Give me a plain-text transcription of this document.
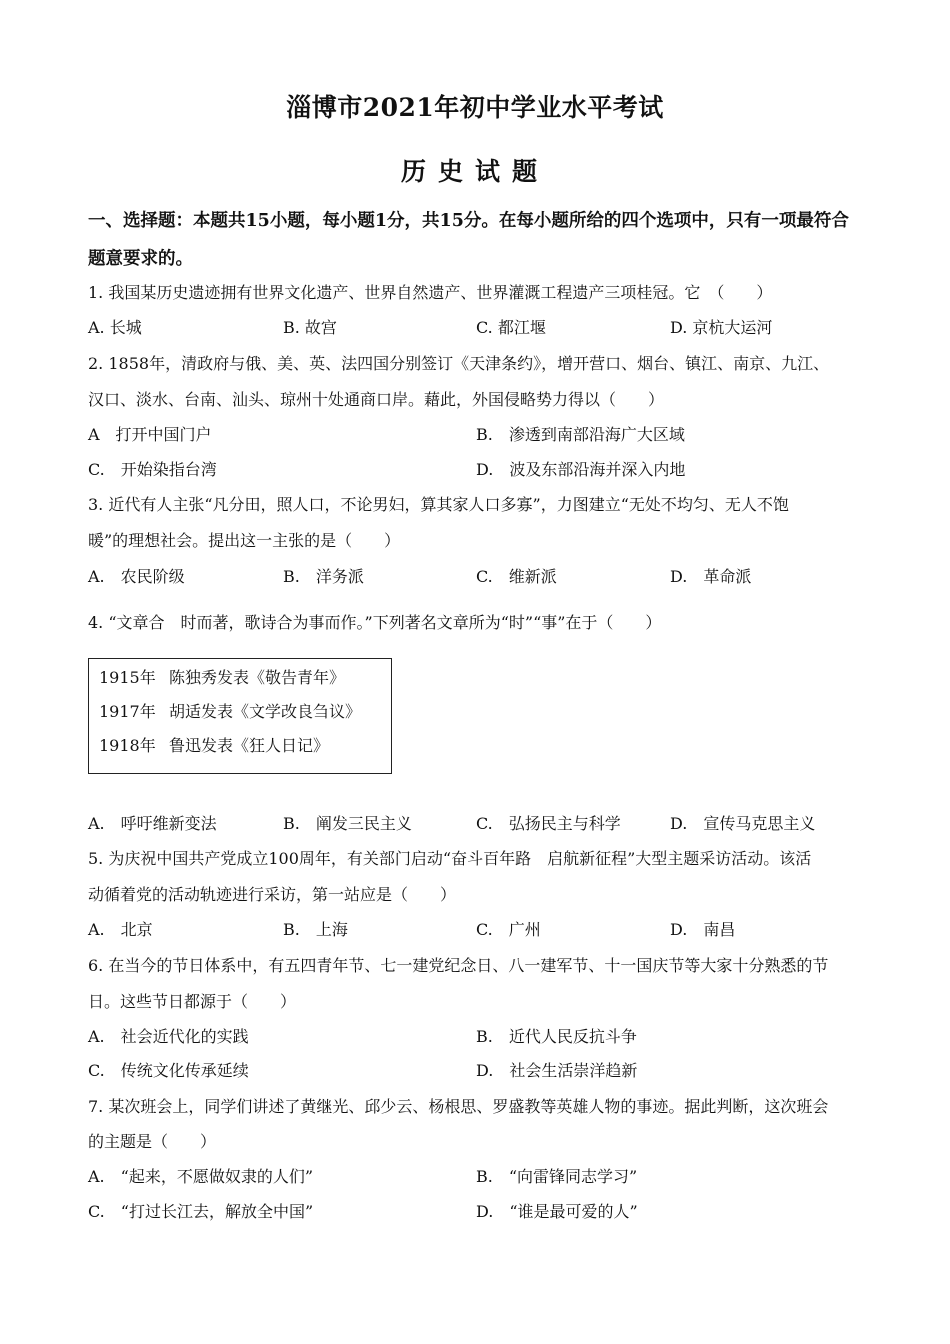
淄博市2021年初中学业水平考试
历史试题
一、选择题：本题共15小题，每小题1分，共15分。在每小题所给的四个选项中，只有一项最符合题意要求的。
1. 我国某历史遗迹拥有世界文化遗产、世界自然遗产、世界灌溉工程遗产三项桂冠。它　（　　）
A. 长城	B. 故宫	C. 都江堰	D. 京杭大运河
2. 1858年，清政府与俄、美、英、法四国分别签订《天津条约》，增开营口、烟台、镇江、南京、九江、
汉口、淡水、台南、汕头、琼州十处通商口岸。藉此，外国侵略势力得以（　　）
A　打开中国门户	B.　渗透到南部沿海广大区域
C.　开始染指台湾	D.　波及东部沿海并深入内地
3. 近代有人主张“凡分田，照人口，不论男妇，算其家人口多寡”，力图建立“无处不均匀、无人不饱
暖”的理想社会。提出这一主张的是（　　）
A.　农民阶级	B.　洋务派	C.　维新派	D.　革命派
4. “文章合　时而著，歌诗合为事而作。”下列著名文章所为“时”“事”在于（　　）
1915年 陈独秀发表《敬告青年》
1917年 胡适发表《文学改良刍议》
1918年 鲁迅发表《狂人日记》
A.　呼吁维新变法	B.　阐发三民主义	C.　弘扬民主与科学	D.　宣传马克思主义
5. 为庆祝中国共产党成立100周年，有关部门启动“奋斗百年路　启航新征程”大型主题采访活动。该活
动循着党的活动轨迹进行采访，第一站应是（　　）
A.　北京	B.　上海	C.　广州	D.　南昌
6. 在当今的节日体系中，有五四青年节、七一建党纪念日、八一建军节、十一国庆节等大家十分熟悉的节
日。这些节日都源于（　　）
A.　社会近代化的实践	B.　近代人民反抗斗争
C.　传统文化传承延续	D.　社会生活崇洋趋新
7. 某次班会上，同学们讲述了黄继光、邱少云、杨根思、罗盛教等英雄人物的事迹。据此判断，这次班会
的主题是（　　）
A.　“起来，不愿做奴隶的人们”	B.　“向雷锋同志学习”
C.　“打过长江去，解放全中国”	D.　“谁是最可爱的人”
